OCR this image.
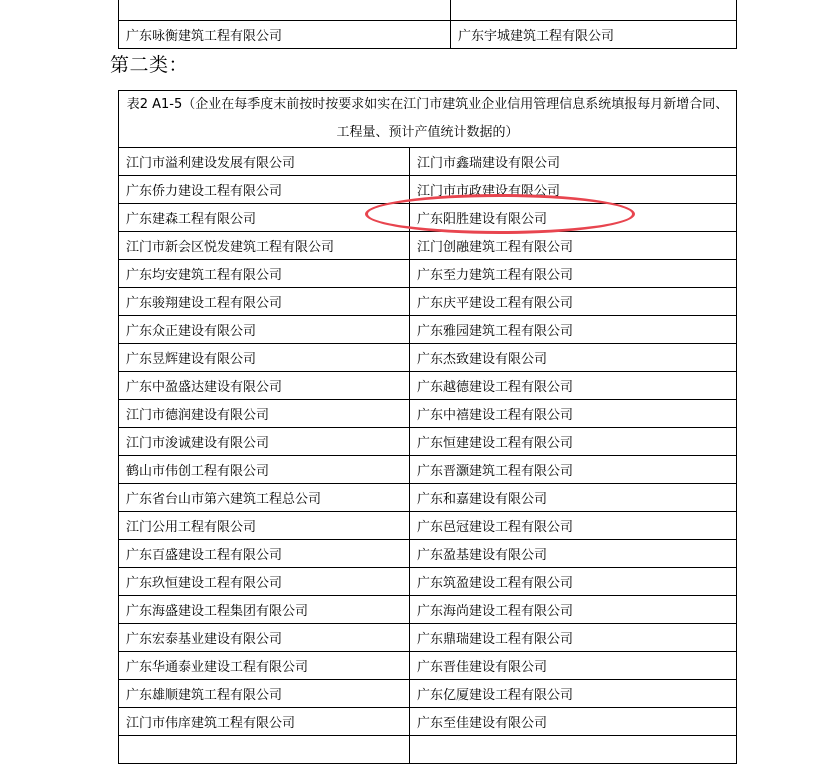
广东咏衡建筑工程有限公司	广东宇城建筑工程有限公司
第二类：
表2 A1-5（企业在每季度末前按时按要求如实在江门市建筑业企业信用管理信息系统填报每月新增合同、工程量、预计产值统计数据的）	
江门市溢利建设发展有限公司	江门市鑫瑞建设有限公司
广东侨力建设工程有限公司	江门市市政建设有限公司
广东建森工程有限公司	广东阳胜建设有限公司
江门市新会区悦发建筑工程有限公司	江门创融建筑工程有限公司
广东均安建筑工程有限公司	广东至力建筑工程有限公司
广东骏翔建设工程有限公司	广东庆平建设工程有限公司
广东众正建设有限公司	广东雅园建筑工程有限公司
广东昱辉建设有限公司	广东杰致建设有限公司
广东中盈盛达建设有限公司	广东越德建设工程有限公司
江门市德润建设有限公司	广东中禧建设工程有限公司
江门市浚诚建设有限公司	广东恒建建设工程有限公司
鹤山市伟创工程有限公司	广东晋灏建筑工程有限公司
广东省台山市第六建筑工程总公司	广东和嘉建设有限公司
江门公用工程有限公司	广东邑冠建设工程有限公司
广东百盛建设工程有限公司	广东盈基建设有限公司
广东玖恒建设工程有限公司	广东筑盈建设工程有限公司
广东海盛建设工程集团有限公司	广东海尚建设工程有限公司
广东宏泰基业建设有限公司	广东鼎瑞建设工程有限公司
广东华通泰业建设工程有限公司	广东晋佳建设有限公司
广东雄顺建筑工程有限公司	广东亿厦建设工程有限公司
江门市伟庠建筑工程有限公司	广东至佳建设有限公司
